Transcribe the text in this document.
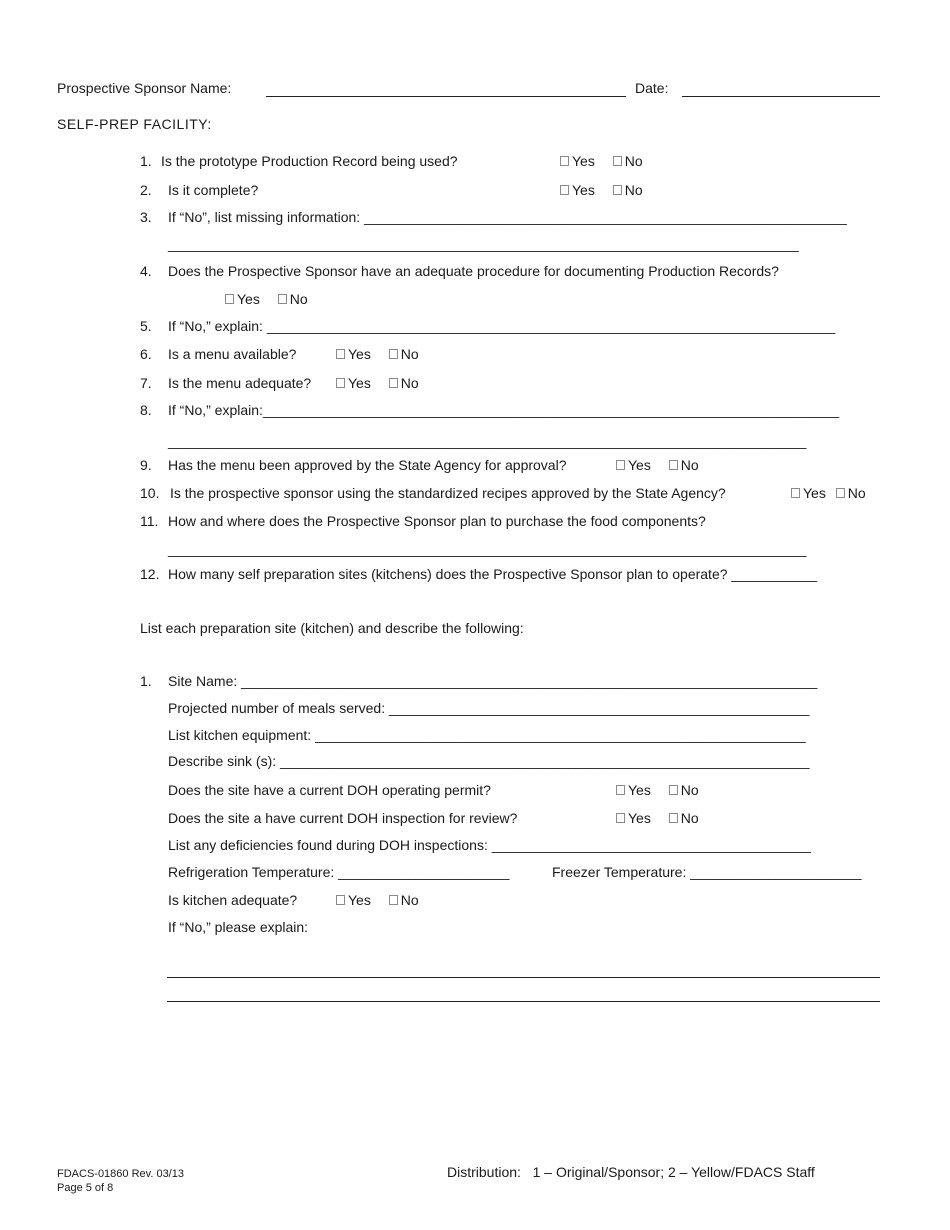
Prospective Sponsor Name:	Date:
SELF-PREP FACILITY:
1. Is the prototype Production Record being used?	Yes No
2. Is it complete?	Yes No
3. If “No”, list missing information: ______________________________________________________________
_________________________________________________________________________________
4. Does the Prospective Sponsor have an adequate procedure for documenting Production Records?
Yes No
5. If “No,” explain: _________________________________________________________________________
6. Is a menu available?	Yes No
7. Is the menu adequate?	Yes No
8. If “No,” explain:__________________________________________________________________________
__________________________________________________________________________________
9. Has the menu been approved by the State Agency for approval?	Yes No
10. Is the prospective sponsor using the standardized recipes approved by the State Agency?	Yes No
11. How and where does the Prospective Sponsor plan to purchase the food components?
__________________________________________________________________________________
12. How many self preparation sites (kitchens) does the Prospective Sponsor plan to operate? ___________
List each preparation site (kitchen) and describe the following:
1. Site Name: __________________________________________________________________________
Projected number of meals served: ______________________________________________________
List kitchen equipment: _______________________________________________________________
Describe sink (s): ____________________________________________________________________
Does the site have a current DOH operating permit?	Yes No
Does the site a have current DOH inspection for review?	Yes No
List any deficiencies found during DOH inspections: _________________________________________
Refrigeration Temperature: ______________________	Freezer Temperature: ______________________
Is kitchen adequate?	Yes No
If “No,” please explain:
FDACS-01860 Rev. 03/13
Page 5 of 8
Distribution:   1 – Original/Sponsor; 2 – Yellow/FDACS Staff
